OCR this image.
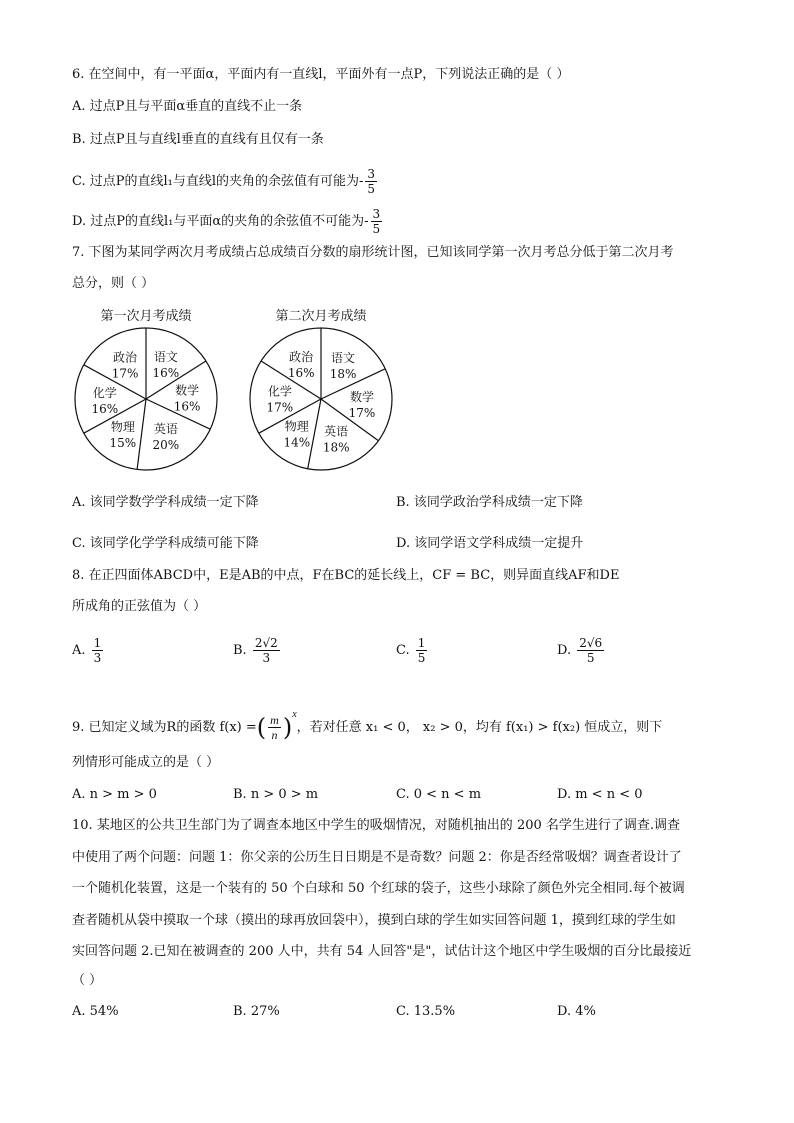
6. 在空间中，有一平面α，平面内有一直线l，平面外有一点P，下列说法正确的是（ ）
A. 过点P且与平面α垂直的直线不止一条
B. 过点P且与直线l垂直的直线有且仅有一条
C. 过点P的直线l₁与直线l的夹角的余弦值有可能为- $\frac{3}{5}$
D. 过点P的直线l₁与平面α的夹角的余弦值不可能为- $\frac{3}{5}$
7. 下图为某同学两次月考成绩占总成绩百分数的扇形统计图，已知该同学第一次月考总分低于第二次月考
总分，则（ ）
第一次月考成绩
语文
16%
数学
16%
英语
20%
物理
15%
化学
16%
政治
17%
第二次月考成绩
语文
18%
数学
17%
英语
18%
物理
14%
化学
17%
政治
16%
A. 该同学数学学科成绩一定下降	B. 该同学政治学科成绩一定下降
C. 该同学化学学科成绩可能下降	D. 该同学语文学科成绩一定提升
8. 在正四面体ABCD中，E是AB的中点，F在BC的延长线上，CF = BC，则异面直线AF和DE
所成角的正弦值为（ ）
A. $\frac{1}{3}$	B. $\frac{2√2}{3}$	C. $\frac{1}{5}$	D. $\frac{2√6}{5}$
9. 已知定义域为R的函数 f(x) =( $\frac{m}{n} )^x$，若对任意 x₁ < 0， x₂ > 0，均有 f(x₁) > f(x₂) 恒成立，则下
列情形可能成立的是（ ）
A. n > m > 0	B. n > 0 > m	C. 0 < n < m	D. m < n < 0
10. 某地区的公共卫生部门为了调查本地区中学生的吸烟情况，对随机抽出的 200 名学生进行了调查.调查
中使用了两个问题：问题 1：你父亲的公历生日日期是不是奇数？问题 2：你是否经常吸烟？调查者设计了
一个随机化装置，这是一个装有的 50 个白球和 50 个红球的袋子，这些小球除了颜色外完全相同.每个被调
查者随机从袋中摸取一个球（摸出的球再放回袋中），摸到白球的学生如实回答问题 1，摸到红球的学生如
实回答问题 2.已知在被调查的 200 人中，共有 54 人回答"是"，试估计这个地区中学生吸烟的百分比最接近
（ ）
A. 54%	B. 27%	C. 13.5%	D. 4%
